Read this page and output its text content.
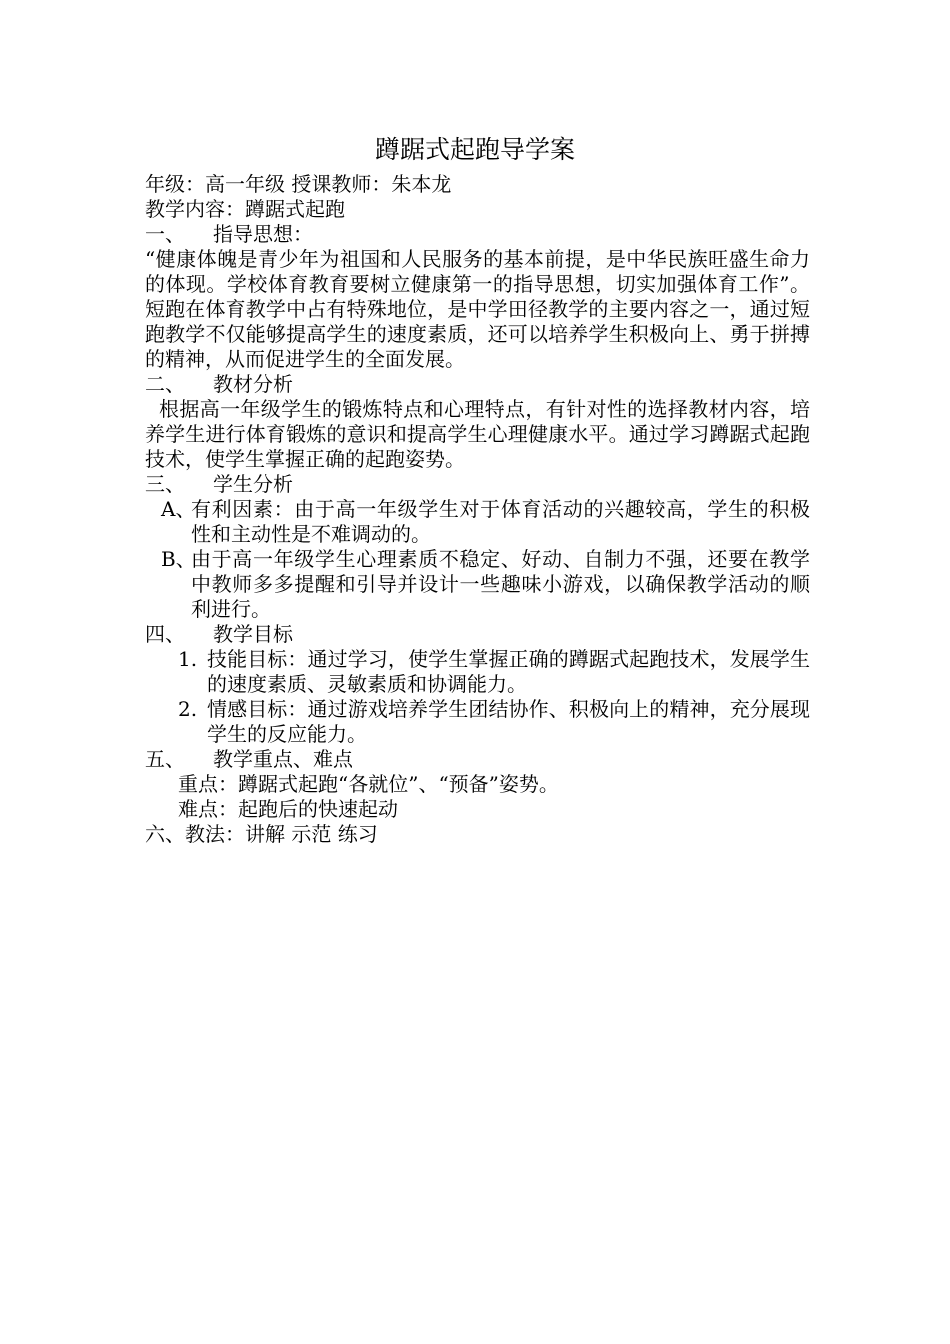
蹲踞式起跑导学案
年级：高一年级 授课教师：朱本龙
教学内容：蹲踞式起跑
一、 指导思想：
“健康体魄是青少年为祖国和人民服务的基本前提，是中华民族旺盛生命力的体现。学校体育教育要树立健康第一的指导思想，切实加强体育工作”。短跑在体育教学中占有特殊地位，是中学田径教学的主要内容之一，通过短跑教学不仅能够提高学生的速度素质，还可以培养学生积极向上、勇于拼搏的精神，从而促进学生的全面发展。
二、 教材分析
根据高一年级学生的锻炼特点和心理特点，有针对性的选择教材内容，培养学生进行体育锻炼的意识和提高学生心理健康水平。通过学习蹲踞式起跑技术，使学生掌握正确的起跑姿势。
三、 学生分析
A、
有利因素：由于高一年级学生对于体育活动的兴趣较高，学生的积极性和主动性是不难调动的。
B、
由于高一年级学生心理素质不稳定、好动、自制力不强，还要在教学中教师多多提醒和引导并设计一些趣味小游戏，以确保教学活动的顺利进行。
四、 教学目标
1. 技能目标：通过学习，使学生掌握正确的蹲踞式起跑技术，发展学生的速度素质、灵敏素质和协调能力。
2. 情感目标：通过游戏培养学生团结协作、积极向上的精神，充分展现学生的反应能力。
五、 教学重点、难点
重点：蹲踞式起跑“各就位”、“预备”姿势。
难点：起跑后的快速起动
六、教法：讲解 示范 练习
